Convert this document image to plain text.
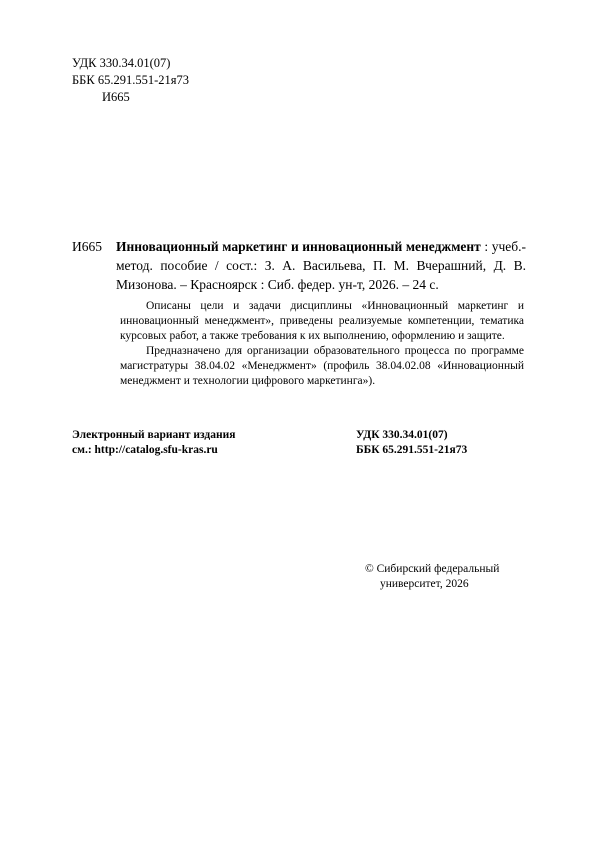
УДК 330.34.01(07)
ББК 65.291.551-21я73
И665
И665 Инновационный маркетинг и инновационный менеджмент : учеб.-метод. пособие / сост.: З. А. Васильева, П. М. Вчерашний, Д. В. Мизонова. – Красноярск : Сиб. федер. ун-т, 2026. – 24 с.

Описаны цели и задачи дисциплины «Инновационный маркетинг и инновационный менеджмент», приведены реализуемые компетенции, тематика курсовых работ, а также требования к их выполнению, оформлению и защите.

Предназначено для организации образовательного процесса по программе магистратуры 38.04.02 «Менеджмент» (профиль 38.04.02.08 «Инновационный менеджмент и технологии цифрового маркетинга»).

Электронный вариант издания
см.: http://catalog.sfu-kras.ru
УДК 330.34.01(07)
ББК 65.291.551-21я73
© Сибирский федеральный
университет, 2026
